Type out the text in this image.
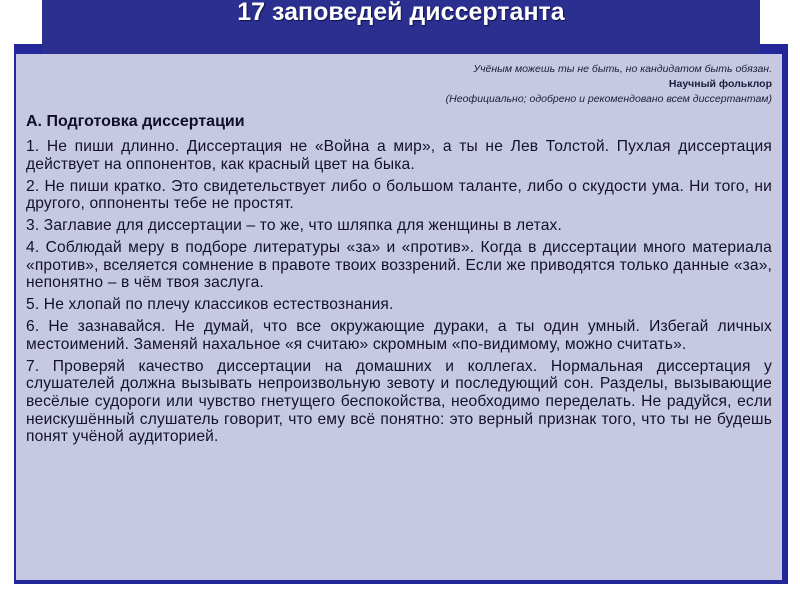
17 заповедей диссертанта
Учёным можешь ты не быть, но кандидатом быть обязан.
Научный фольклор
(Неофициально; одобрено и рекомендовано всем диссертантам)
А. Подготовка диссертации

1. Не пиши длинно. Диссертация не «Война а мир», а ты не Лев Толстой. Пухлая диссертация действует на оппонентов, как красный цвет на быка.

2. Не пиши кратко. Это свидетельствует либо о большом таланте, либо о скудости ума. Ни того, ни другого, оппоненты тебе не простят.

3. Заглавие для диссертации – то же, что шляпка для женщины в летах.

4. Соблюдай меру в подборе литературы «за» и «против». Когда в диссертации много материала «против», вселяется сомнение в правоте твоих воззрений. Если же приводятся только данные «за», непонятно – в чём твоя заслуга.

5. Не хлопай по плечу классиков естествознания.

6. Не зазнавайся. Не думай, что все окружающие дураки, а ты один умный. Избегай личных местоимений. Заменяй нахальное «я считаю» скромным «по-видимому, можно считать».

7. Проверяй качество диссертации на домашних и коллегах. Нормальная диссертация у слушателей должна вызывать непроизвольную зевоту и последующий сон. Разделы, вызывающие весёлые судороги или чувство гнетущего беспокойства, необходимо переделать. Не радуйся, если неискушённый слушатель говорит, что ему всё понятно: это верный признак того, что ты не будешь понят учёной аудиторией.
